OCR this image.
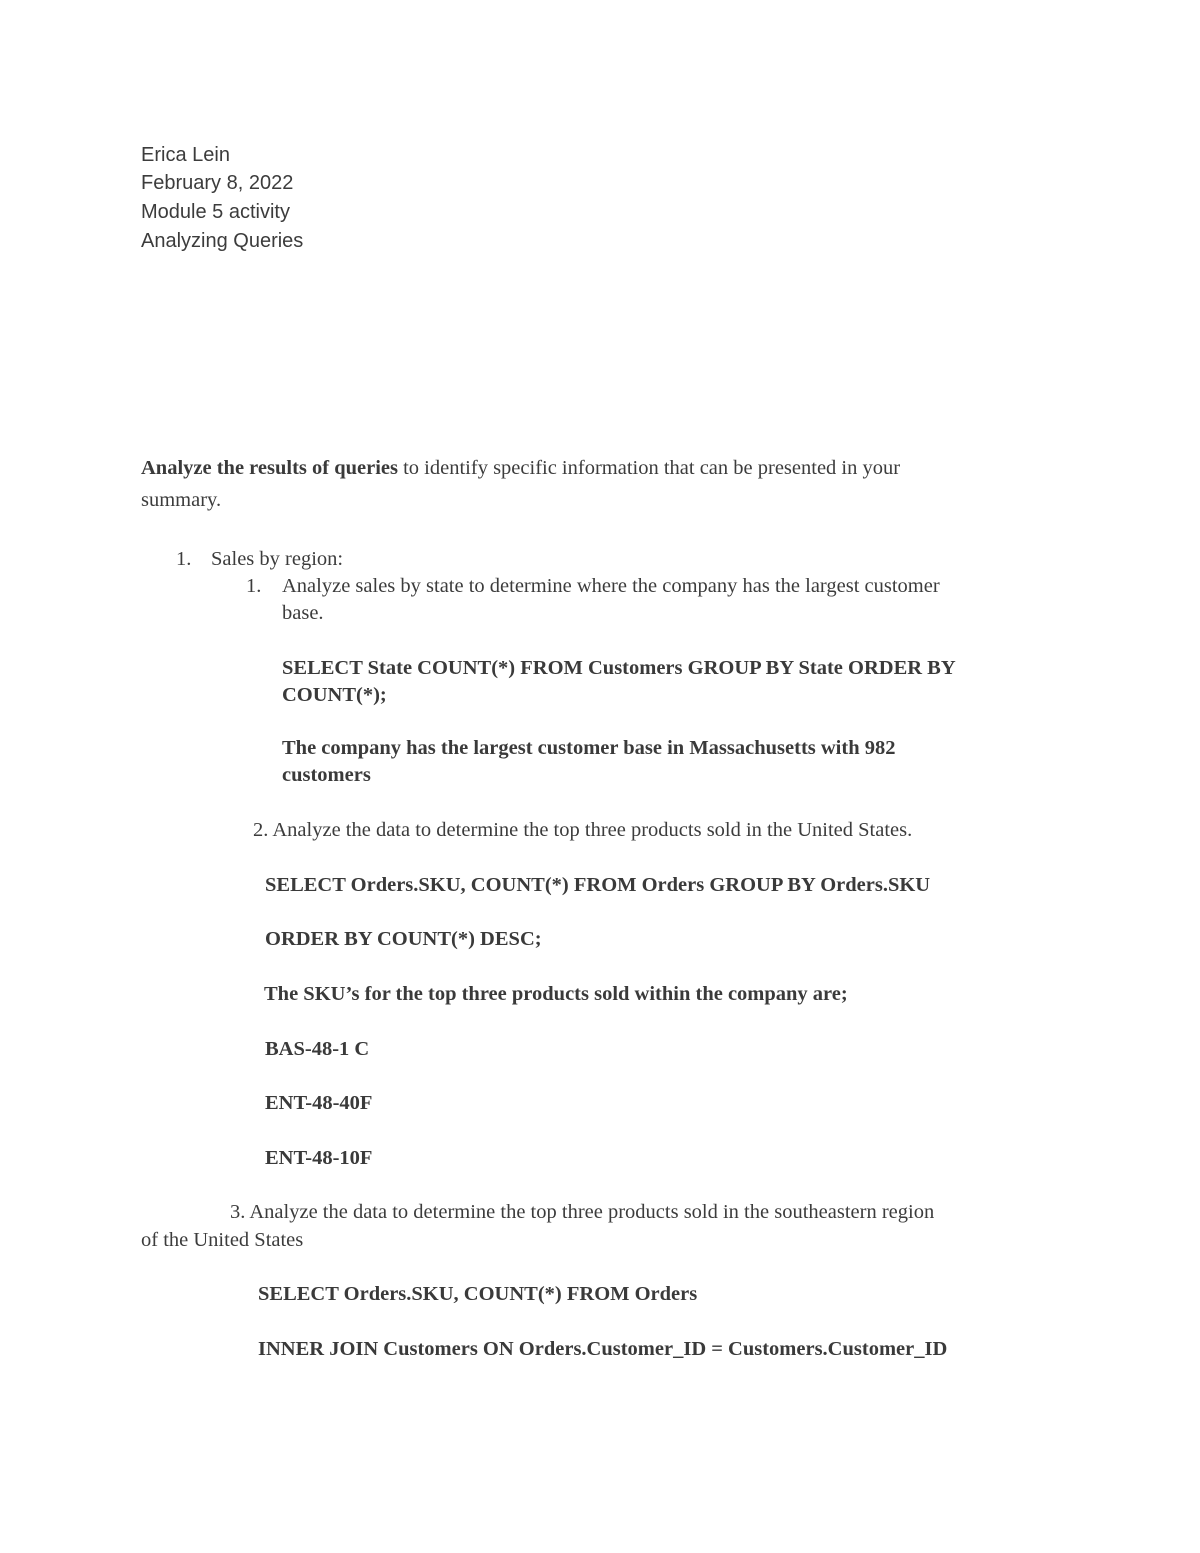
Erica Lein
February 8, 2022
Module 5 activity
Analyzing Queries
Analyze the results of queries to identify specific information that can be presented in your
summary.
1. Sales by region:
1. Analyze sales by state to determine where the company has the largest customer
base.
SELECT State COUNT(*) FROM Customers GROUP BY State ORDER BY
COUNT(*);
The company has the largest customer base in Massachusetts with 982
customers
2. Analyze the data to determine the top three products sold in the United States.
SELECT Orders.SKU, COUNT(*) FROM Orders GROUP BY Orders.SKU
ORDER BY COUNT(*) DESC;
The SKU’s for the top three products sold within the company are;
BAS-48-1 C
ENT-48-40F
ENT-48-10F
3. Analyze the data to determine the top three products sold in the southeastern region
of the United States
SELECT Orders.SKU, COUNT(*) FROM Orders
INNER JOIN Customers ON Orders.Customer_ID = Customers.Customer_ID
